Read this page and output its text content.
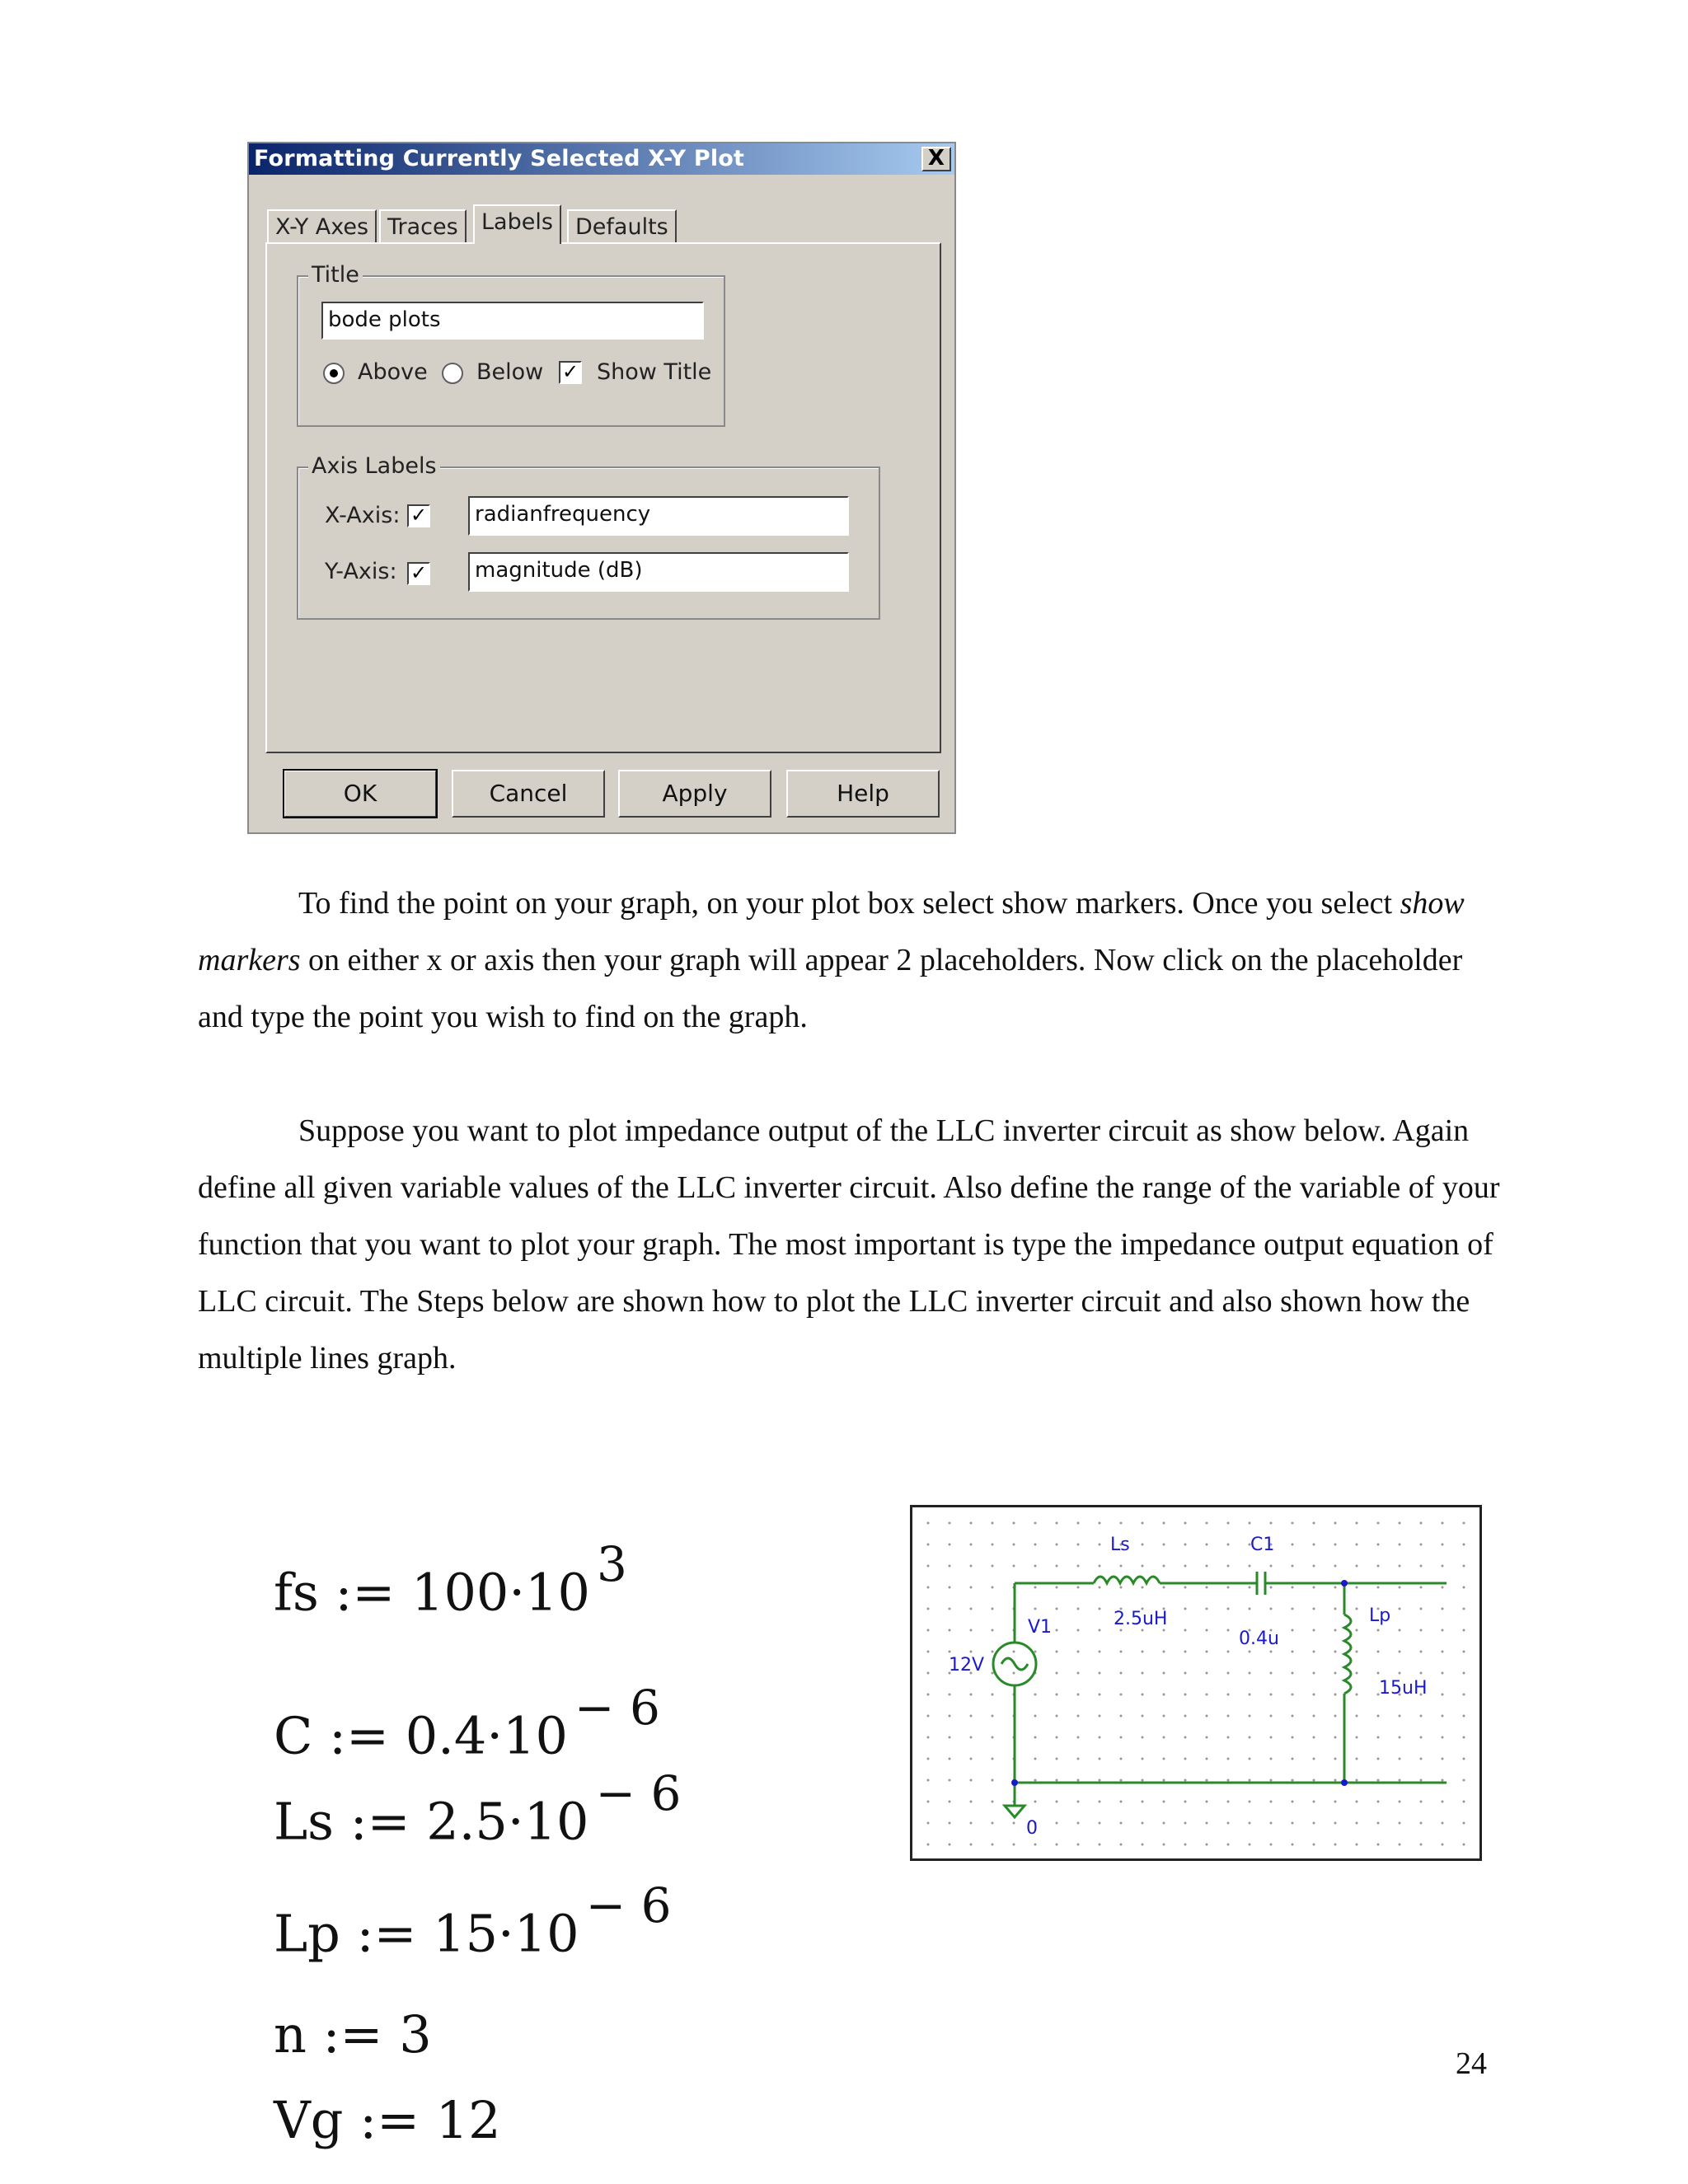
Formatting Currently Selected X-Y Plot	X
X-Y Axes Traces	Labels	Defaults
Title
bode plots
Above Below ✓ Show Title
Axis Labels
X-Axis: ✓	radianfrequency
Y-Axis: ✓	magnitude (dB)
OK	Cancel	Apply	Help

To find the point on your graph, on your plot box select show markers. Once you select show markers on either x or axis then your graph will appear 2 placeholders. Now click on the placeholder and type the point you wish to find on the graph.

Suppose you want to plot impedance output of the LLC inverter circuit as show below. Again define all given variable values of the LLC inverter circuit. Also define the range of the variable of your function that you want to plot your graph. The most important is type the impedance output equation of LLC circuit. The Steps below are shown how to plot the LLC inverter circuit and also shown how the multiple lines graph.

fs := 100·10 $^3$
C := 0.4·10 $^{- 6}$
Ls := 2.5·10 $^{- 6}$
Lp := 15·10 $^{- 6}$
n := 3
Vg := 12
Ls
2.5uH
C1
0.4u
Lp
15uH
V1
12V
0
24
